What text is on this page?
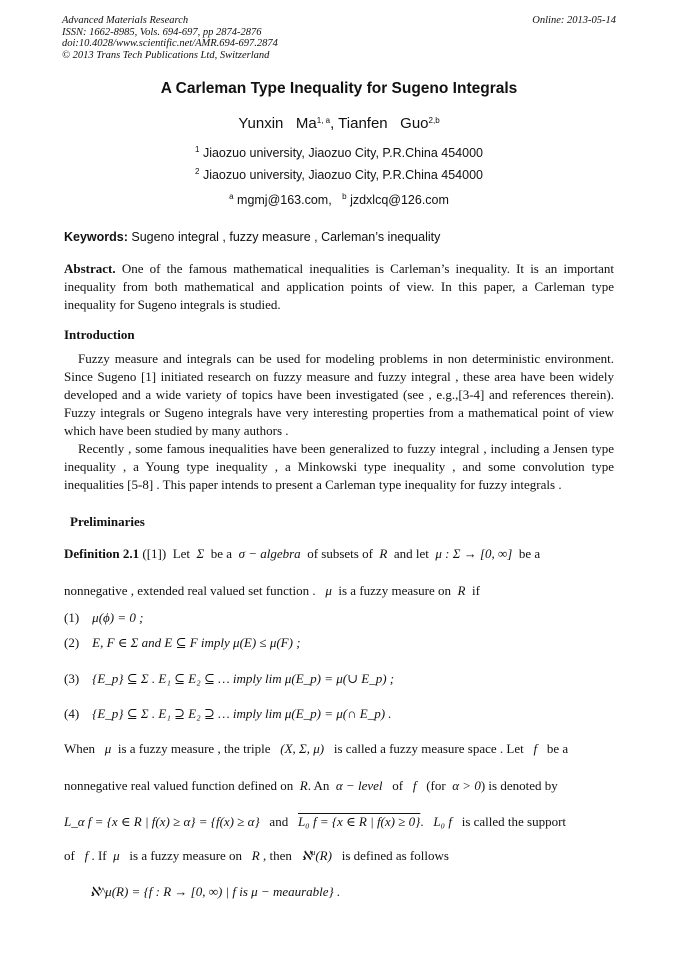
Advanced Materials Research
ISSN: 1662-8985, Vols. 694-697, pp 2874-2876
doi:10.4028/www.scientific.net/AMR.694-697.2874
© 2013 Trans Tech Publications Ltd, Switzerland
Online: 2013-05-14
A Carleman Type Inequality for Sugeno Integrals
Yunxin Ma$^{1, a}$, Tianfen Guo$^{2,b}$
$^1$ Jiaozuo university, Jiaozuo City, P.R.China 454000
$^2$ Jiaozuo university, Jiaozuo City, P.R.China 454000
$^a$ mgmj@163.com, $^b$ jzdxlcq@126.com
Keywords: Sugeno integral , fuzzy measure , Carleman’s inequality
Abstract. One of the famous mathematical inequalities is Carleman’s inequality. It is an important inequality from both mathematical and application points of view. In this paper, a Carleman type inequality for Sugeno integrals is studied.
Introduction
Fuzzy measure and integrals can be used for modeling problems in non deterministic environment. Since Sugeno [1] initiated research on fuzzy measure and fuzzy integral , these area have been widely developed and a wide variety of topics have been investigated (see , e.g.,[3-4] and references therein). Fuzzy integrals or Sugeno integrals have very interesting properties from a mathematical point of view which have been studied by many authors .
Recently , some famous inequalities have been generalized to fuzzy integral , including a Jensen type inequality , a Young type inequality , a Minkowski type inequality , and some convolution type inequalities [5-8] . This paper intends to present a Carleman type inequality for fuzzy integrals .
Preliminaries
Definition 2.1 ([1]) Let Σ be a σ − algebra of subsets of R and let μ : Σ → [0, ∞] be a
nonnegative , extended real valued set function . μ is a fuzzy measure on R if
(1) μ(ϕ) = 0 ;
(2) E, F ∈ Σ and E ⊆ F imply μ(E) ≤ μ(F) ;
(3) {E_p} ⊆ Σ . E₁ ⊆ E₂ ⊆ … imply lim μ(E_p) = μ(∪ E_p) ;
(4) {E_p} ⊆ Σ . E₁ ⊇ E₂ ⊇ … imply lim μ(E_p) = μ(∩ E_p) .
When μ is a fuzzy measure , the triple (X, Σ, μ) is called a fuzzy measure space . Let f be a
nonnegative real valued function defined on R. An α − level of f (for α > 0) is denoted by
L_α f = {x ∈ R | f(x) ≥ α} = {f(x) ≥ α} and L₀ f = {x ∈ R | f(x) ≥ 0}.   L₀ f is called the support
of f . If μ is a fuzzy measure on R , then ℵ$^\mu$(R) is defined as follows
ℵ^μ(R) = {f : R → [0, ∞) | f is μ − meaurable} .
